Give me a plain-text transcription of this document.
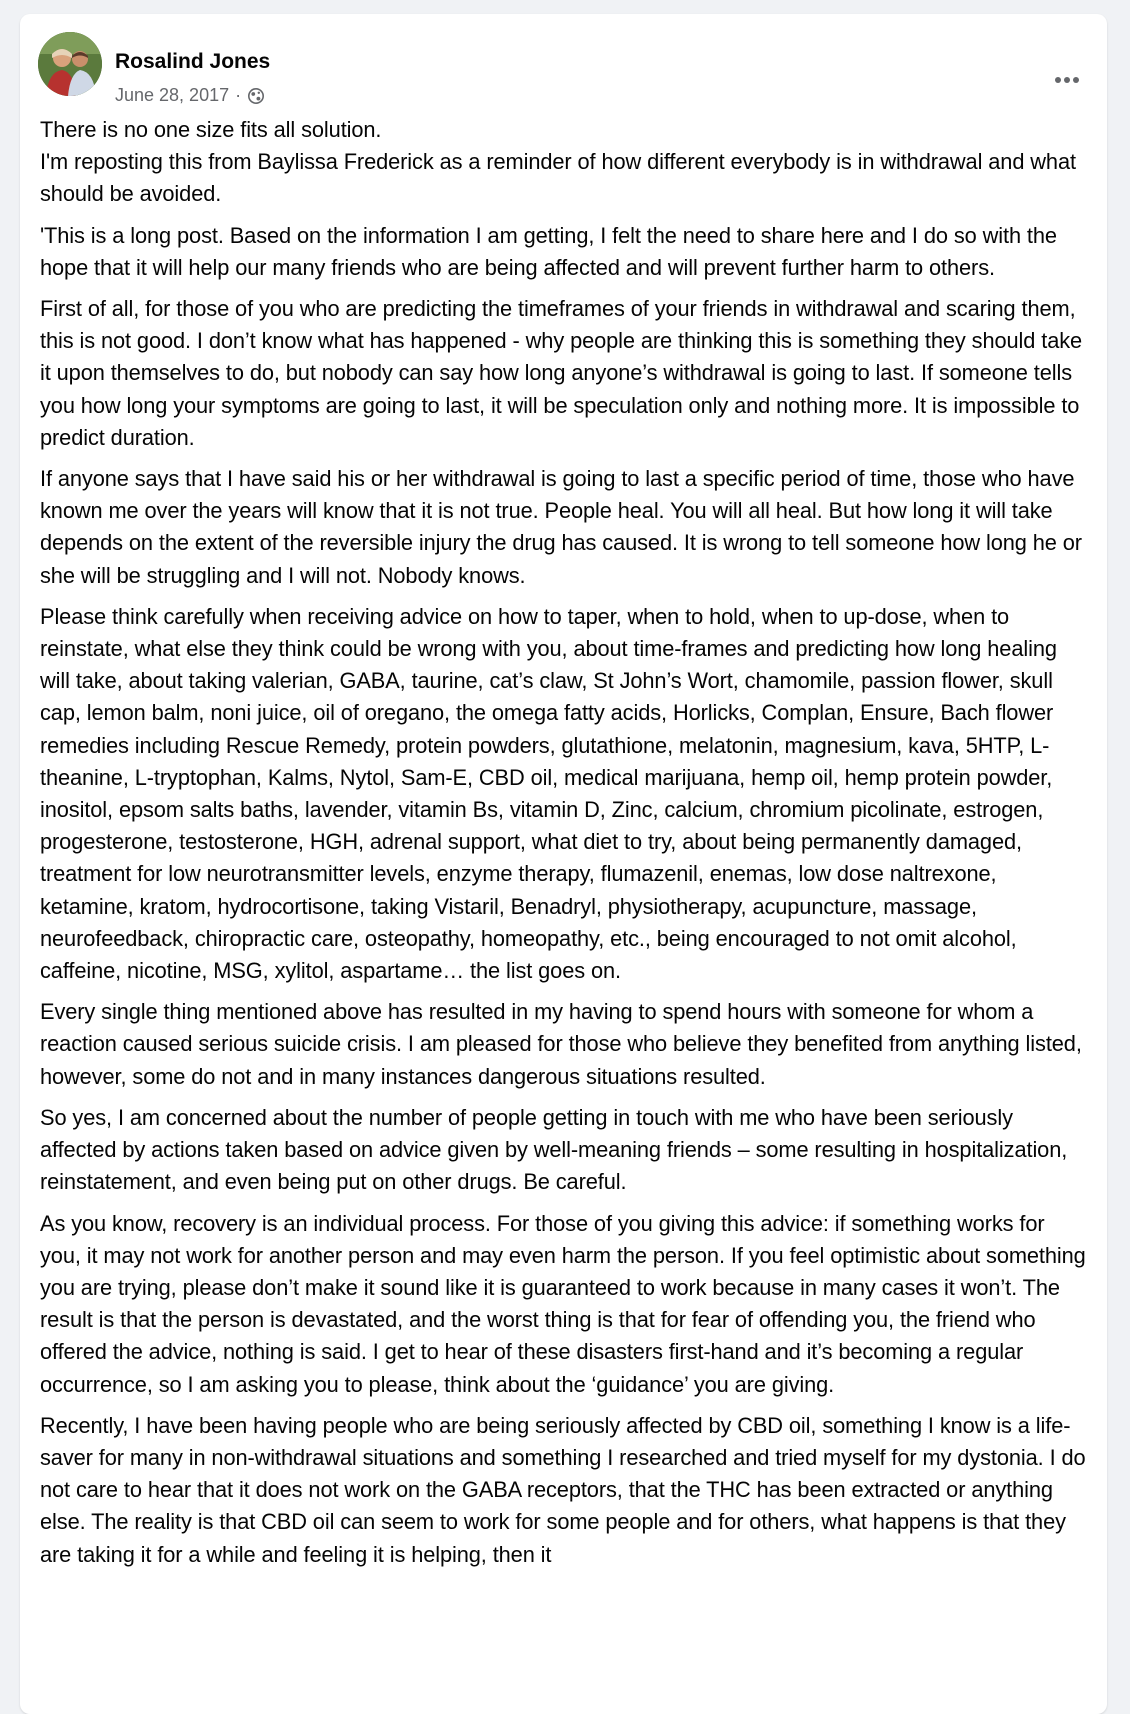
Rosalind Jones
June 28, 2017 ·

There is no one size fits all solution.
I'm reposting this from Baylissa Frederick as a reminder of how different everybody is in withdrawal and what should be avoided.

'This is a long post. Based on the information I am getting, I felt the need to share here and I do so with the hope that it will help our many friends who are being affected and will prevent further harm to others.

First of all, for those of you who are predicting the timeframes of your friends in withdrawal and scaring them, this is not good. I don’t know what has happened - why people are thinking this is something they should take it upon themselves to do, but nobody can say how long anyone’s withdrawal is going to last. If someone tells you how long your symptoms are going to last, it will be speculation only and nothing more. It is impossible to predict duration.

If anyone says that I have said his or her withdrawal is going to last a specific period of time, those who have known me over the years will know that it is not true. People heal. You will all heal. But how long it will take depends on the extent of the reversible injury the drug has caused. It is wrong to tell someone how long he or she will be struggling and I will not. Nobody knows.

Please think carefully when receiving advice on how to taper, when to hold, when to up-dose, when to reinstate, what else they think could be wrong with you, about time-frames and predicting how long healing will take, about taking valerian, GABA, taurine, cat’s claw, St John’s Wort, chamomile, passion flower, skull cap, lemon balm, noni juice, oil of oregano, the omega fatty acids, Horlicks, Complan, Ensure, Bach flower remedies including Rescue Remedy, protein powders, glutathione, melatonin, magnesium, kava, 5HTP, L-theanine, L-tryptophan, Kalms, Nytol, Sam-E, CBD oil, medical marijuana, hemp oil, hemp protein powder, inositol, epsom salts baths, lavender, vitamin Bs, vitamin D, Zinc, calcium, chromium picolinate, estrogen, progesterone, testosterone, HGH, adrenal support, what diet to try, about being permanently damaged, treatment for low neurotransmitter levels, enzyme therapy, flumazenil, enemas, low dose naltrexone, ketamine, kratom, hydrocortisone, taking Vistaril, Benadryl, physiotherapy, acupuncture, massage, neurofeedback, chiropractic care, osteopathy, homeopathy, etc., being encouraged to not omit alcohol, caffeine, nicotine, MSG, xylitol, aspartame… the list goes on.

Every single thing mentioned above has resulted in my having to spend hours with someone for whom a reaction caused serious suicide crisis. I am pleased for those who believe they benefited from anything listed, however, some do not and in many instances dangerous situations resulted.

So yes, I am concerned about the number of people getting in touch with me who have been seriously affected by actions taken based on advice given by well-meaning friends – some resulting in hospitalization, reinstatement, and even being put on other drugs. Be careful.

As you know, recovery is an individual process. For those of you giving this advice: if something works for you, it may not work for another person and may even harm the person. If you feel optimistic about something you are trying, please don’t make it sound like it is guaranteed to work because in many cases it won’t. The result is that the person is devastated, and the worst thing is that for fear of offending you, the friend who offered the advice, nothing is said. I get to hear of these disasters first-hand and it’s becoming a regular occurrence, so I am asking you to please, think about the ‘guidance’ you are giving.

Recently, I have been having people who are being seriously affected by CBD oil, something I know is a life-saver for many in non-withdrawal situations and something I researched and tried myself for my dystonia. I do not care to hear that it does not work on the GABA receptors, that the THC has been extracted or anything else. The reality is that CBD oil can seem to work for some people and for others, what happens is that they are taking it for a while and feeling it is helping, then it
